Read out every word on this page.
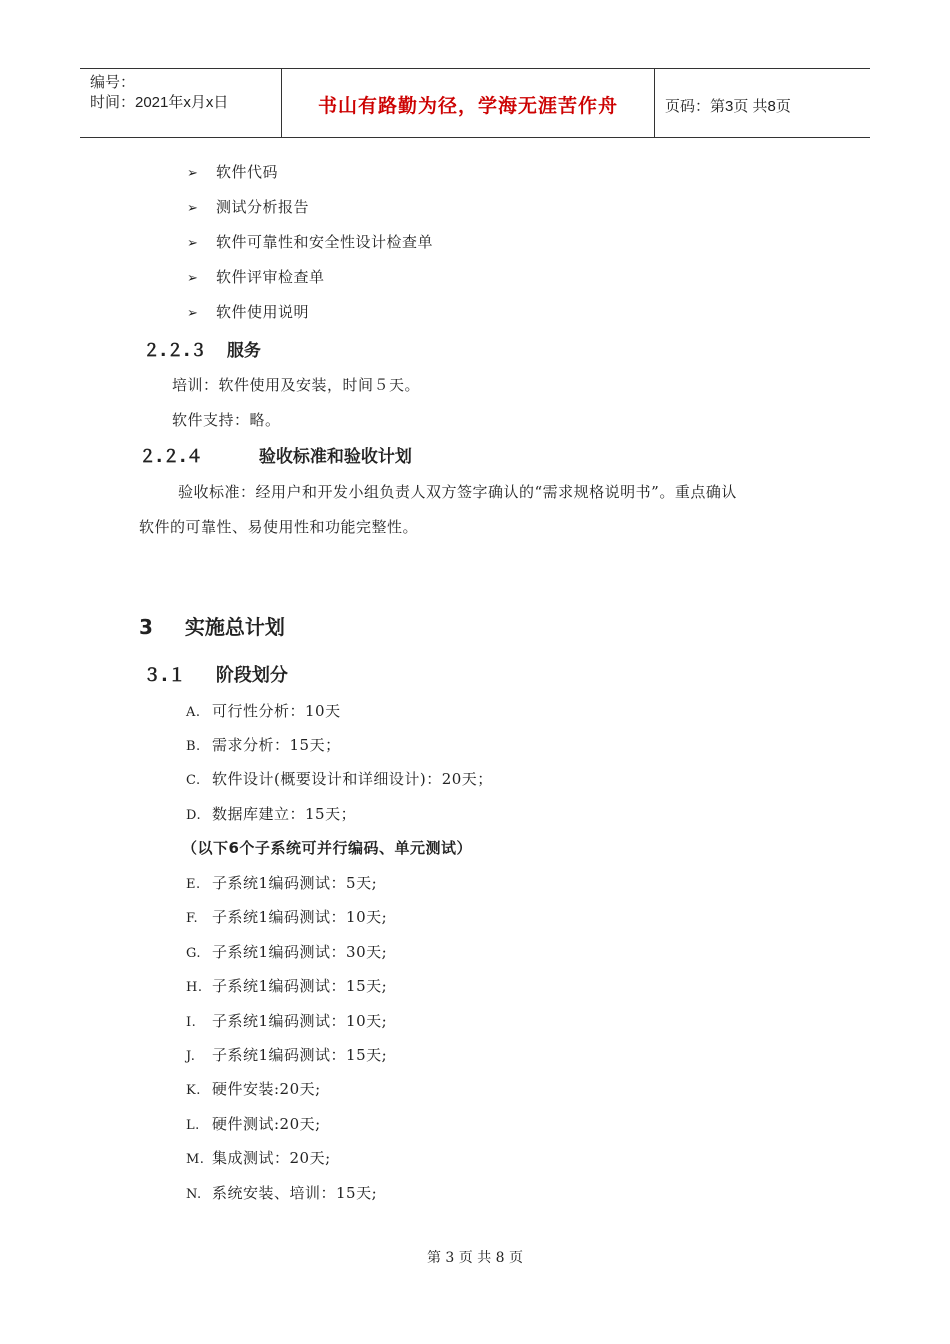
编号：
时间：2021年x月x日	书山有路勤为径，学海无涯苦作舟	页码：第3页 共8页
➢ 软件代码
➢ 测试分析报告
➢ 软件可靠性和安全性设计检查单
➢ 软件评审检查单
➢ 软件使用说明
２.２.３ 服务
培训：软件使用及安装，时间５天。
软件支持：略。
２.２.４	验收标准和验收计划
验收标准：经用户和开发小组负责人双方签字确认的“需求规格说明书”。重点确认
软件的可靠性、易使用性和功能完整性。
3 实施总计划
３.１ 阶段划分
A. 可行性分析：10天
B. 需求分析：15天；
C. 软件设计(概要设计和详细设计)：20天；
D. 数据库建立：15天；
（以下6个子系统可并行编码、单元测试）
E. 子系统1编码测试：5天;
F. 子系统1编码测试：10天;
G. 子系统1编码测试：30天;
H. 子系统1编码测试：15天;
I. 子系统1编码测试：10天;
J. 子系统1编码测试：15天;
K. 硬件安装:20天;
L. 硬件测试:20天;
M. 集成测试：20天;
N. 系统安装、培训：15天;
第 3 页 共 8 页
